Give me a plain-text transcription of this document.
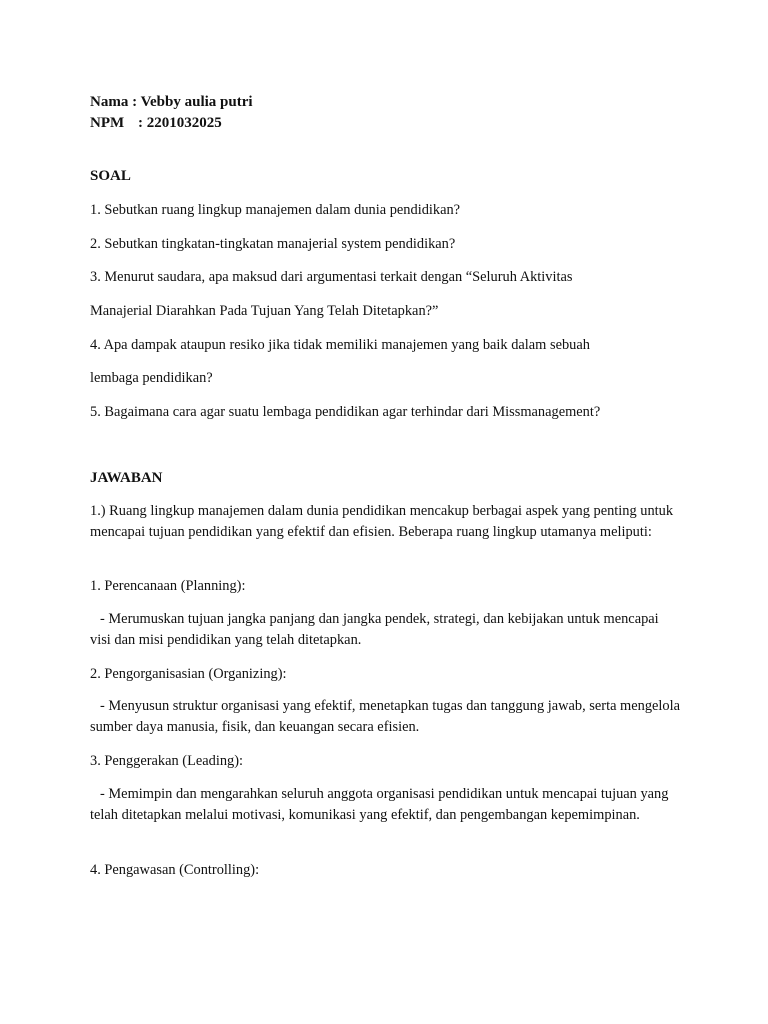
Nama : Vebby aulia putri
NPM : 2201032025
SOAL
1. Sebutkan ruang lingkup manajemen dalam dunia pendidikan?
2. Sebutkan tingkatan-tingkatan manajerial system pendidikan?
3. Menurut saudara, apa maksud dari argumentasi terkait dengan “Seluruh Aktivitas
Manajerial Diarahkan Pada Tujuan Yang Telah Ditetapkan?”
4. Apa dampak ataupun resiko jika tidak memiliki manajemen yang baik dalam sebuah
lembaga pendidikan?
5. Bagaimana cara agar suatu lembaga pendidikan agar terhindar dari Missmanagement?
JAWABAN
1.) Ruang lingkup manajemen dalam dunia pendidikan mencakup berbagai aspek yang penting untuk mencapai tujuan pendidikan yang efektif dan efisien. Beberapa ruang lingkup utamanya meliputi:
1. Perencanaan (Planning):
- Merumuskan tujuan jangka panjang dan jangka pendek, strategi, dan kebijakan untuk mencapai visi dan misi pendidikan yang telah ditetapkan.
2. Pengorganisasian (Organizing):
- Menyusun struktur organisasi yang efektif, menetapkan tugas dan tanggung jawab, serta mengelola sumber daya manusia, fisik, dan keuangan secara efisien.
3. Penggerakan (Leading):
- Memimpin dan mengarahkan seluruh anggota organisasi pendidikan untuk mencapai tujuan yang telah ditetapkan melalui motivasi, komunikasi yang efektif, dan pengembangan kepemimpinan.
4. Pengawasan (Controlling):
